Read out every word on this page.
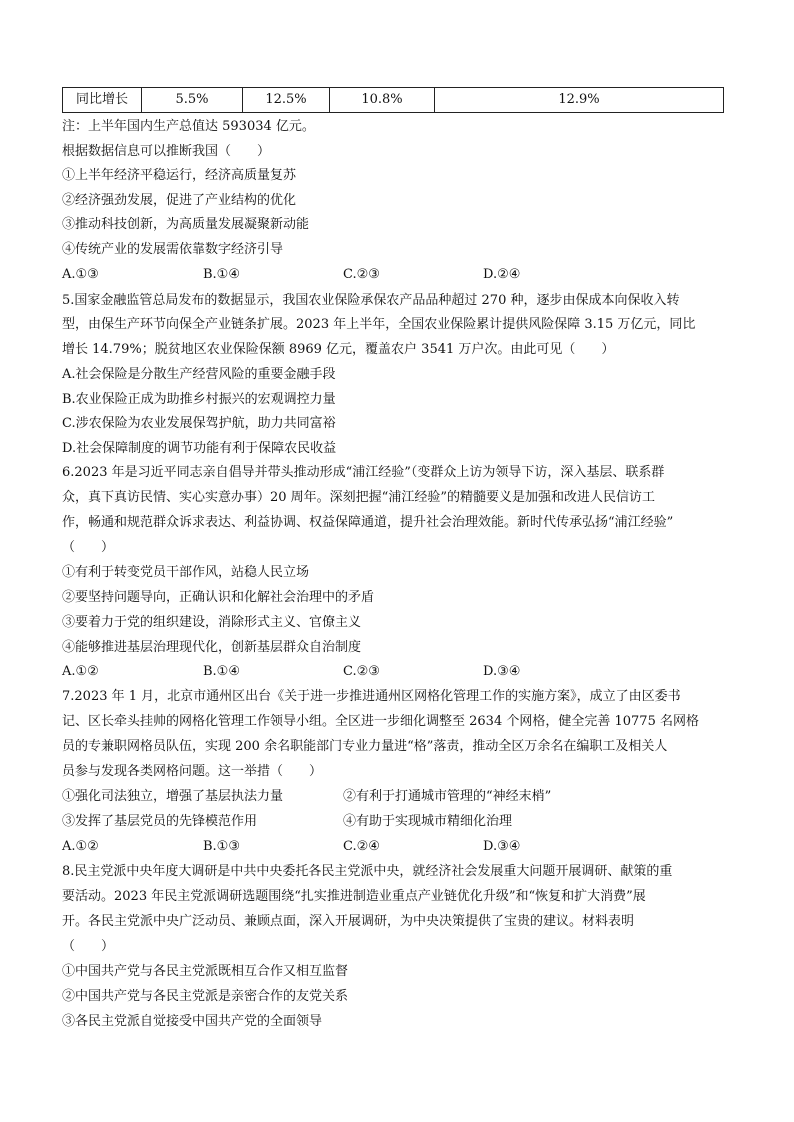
同比增长	5.5%	12.5%	10.8%	12.9%
注：上半年国内生产总值达 593034 亿元。
根据数据信息可以推断我国（　　）
①上半年经济平稳运行，经济高质量复苏
②经济强劲发展，促进了产业结构的优化
③推动科技创新，为高质量发展凝聚新动能
④传统产业的发展需依靠数字经济引导
A.①③	B.①④	C.②③	D.②④
5.国家金融监管总局发布的数据显示，我国农业保险承保农产品品种超过 270 种，逐步由保成本向保收入转
型，由保生产环节向保全产业链条扩展。2023 年上半年，全国农业保险累计提供风险保障 3.15 万亿元，同比
增长 14.79%；脱贫地区农业保险保额 8969 亿元，覆盖农户 3541 万户次。由此可见（　　）
A.社会保险是分散生产经营风险的重要金融手段
B.农业保险正成为助推乡村振兴的宏观调控力量
C.涉农保险为农业发展保驾护航，助力共同富裕
D.社会保障制度的调节功能有利于保障农民收益
6.2023 年是习近平同志亲自倡导并带头推动形成“浦江经验”（变群众上访为领导下访，深入基层、联系群
众，真下真访民情、实心实意办事）20 周年。深刻把握“浦江经验”的精髓要义是加强和改进人民信访工
作，畅通和规范群众诉求表达、利益协调、权益保障通道，提升社会治理效能。新时代传承弘扬“浦江经验”
（　　）
①有利于转变党员干部作风，站稳人民立场
②要坚持问题导向，正确认识和化解社会治理中的矛盾
③要着力于党的组织建设，消除形式主义、官僚主义
④能够推进基层治理现代化，创新基层群众自治制度
A.①②	B.①④	C.②③	D.③④
7.2023 年 1 月，北京市通州区出台《关于进一步推进通州区网格化管理工作的实施方案》，成立了由区委书
记、区长牵头挂帅的网格化管理工作领导小组。全区进一步细化调整至 2634 个网格，健全完善 10775 名网格
员的专兼职网格员队伍，实现 200 余名职能部门专业力量进“格”落责，推动全区万余名在编职工及相关人
员参与发现各类网格问题。这一举措（　　）
①强化司法独立，增强了基层执法力量	②有利于打通城市管理的“神经末梢”
③发挥了基层党员的先锋模范作用	④有助于实现城市精细化治理
A.①②	B.①③	C.②④	D.③④
8.民主党派中央年度大调研是中共中央委托各民主党派中央，就经济社会发展重大问题开展调研、献策的重
要活动。2023 年民主党派调研选题围绕“扎实推进制造业重点产业链优化升级”和“恢复和扩大消费”展
开。各民主党派中央广泛动员、兼顾点面，深入开展调研，为中央决策提供了宝贵的建议。材料表明
（　　）
①中国共产党与各民主党派既相互合作又相互监督
②中国共产党与各民主党派是亲密合作的友党关系
③各民主党派自觉接受中国共产党的全面领导
